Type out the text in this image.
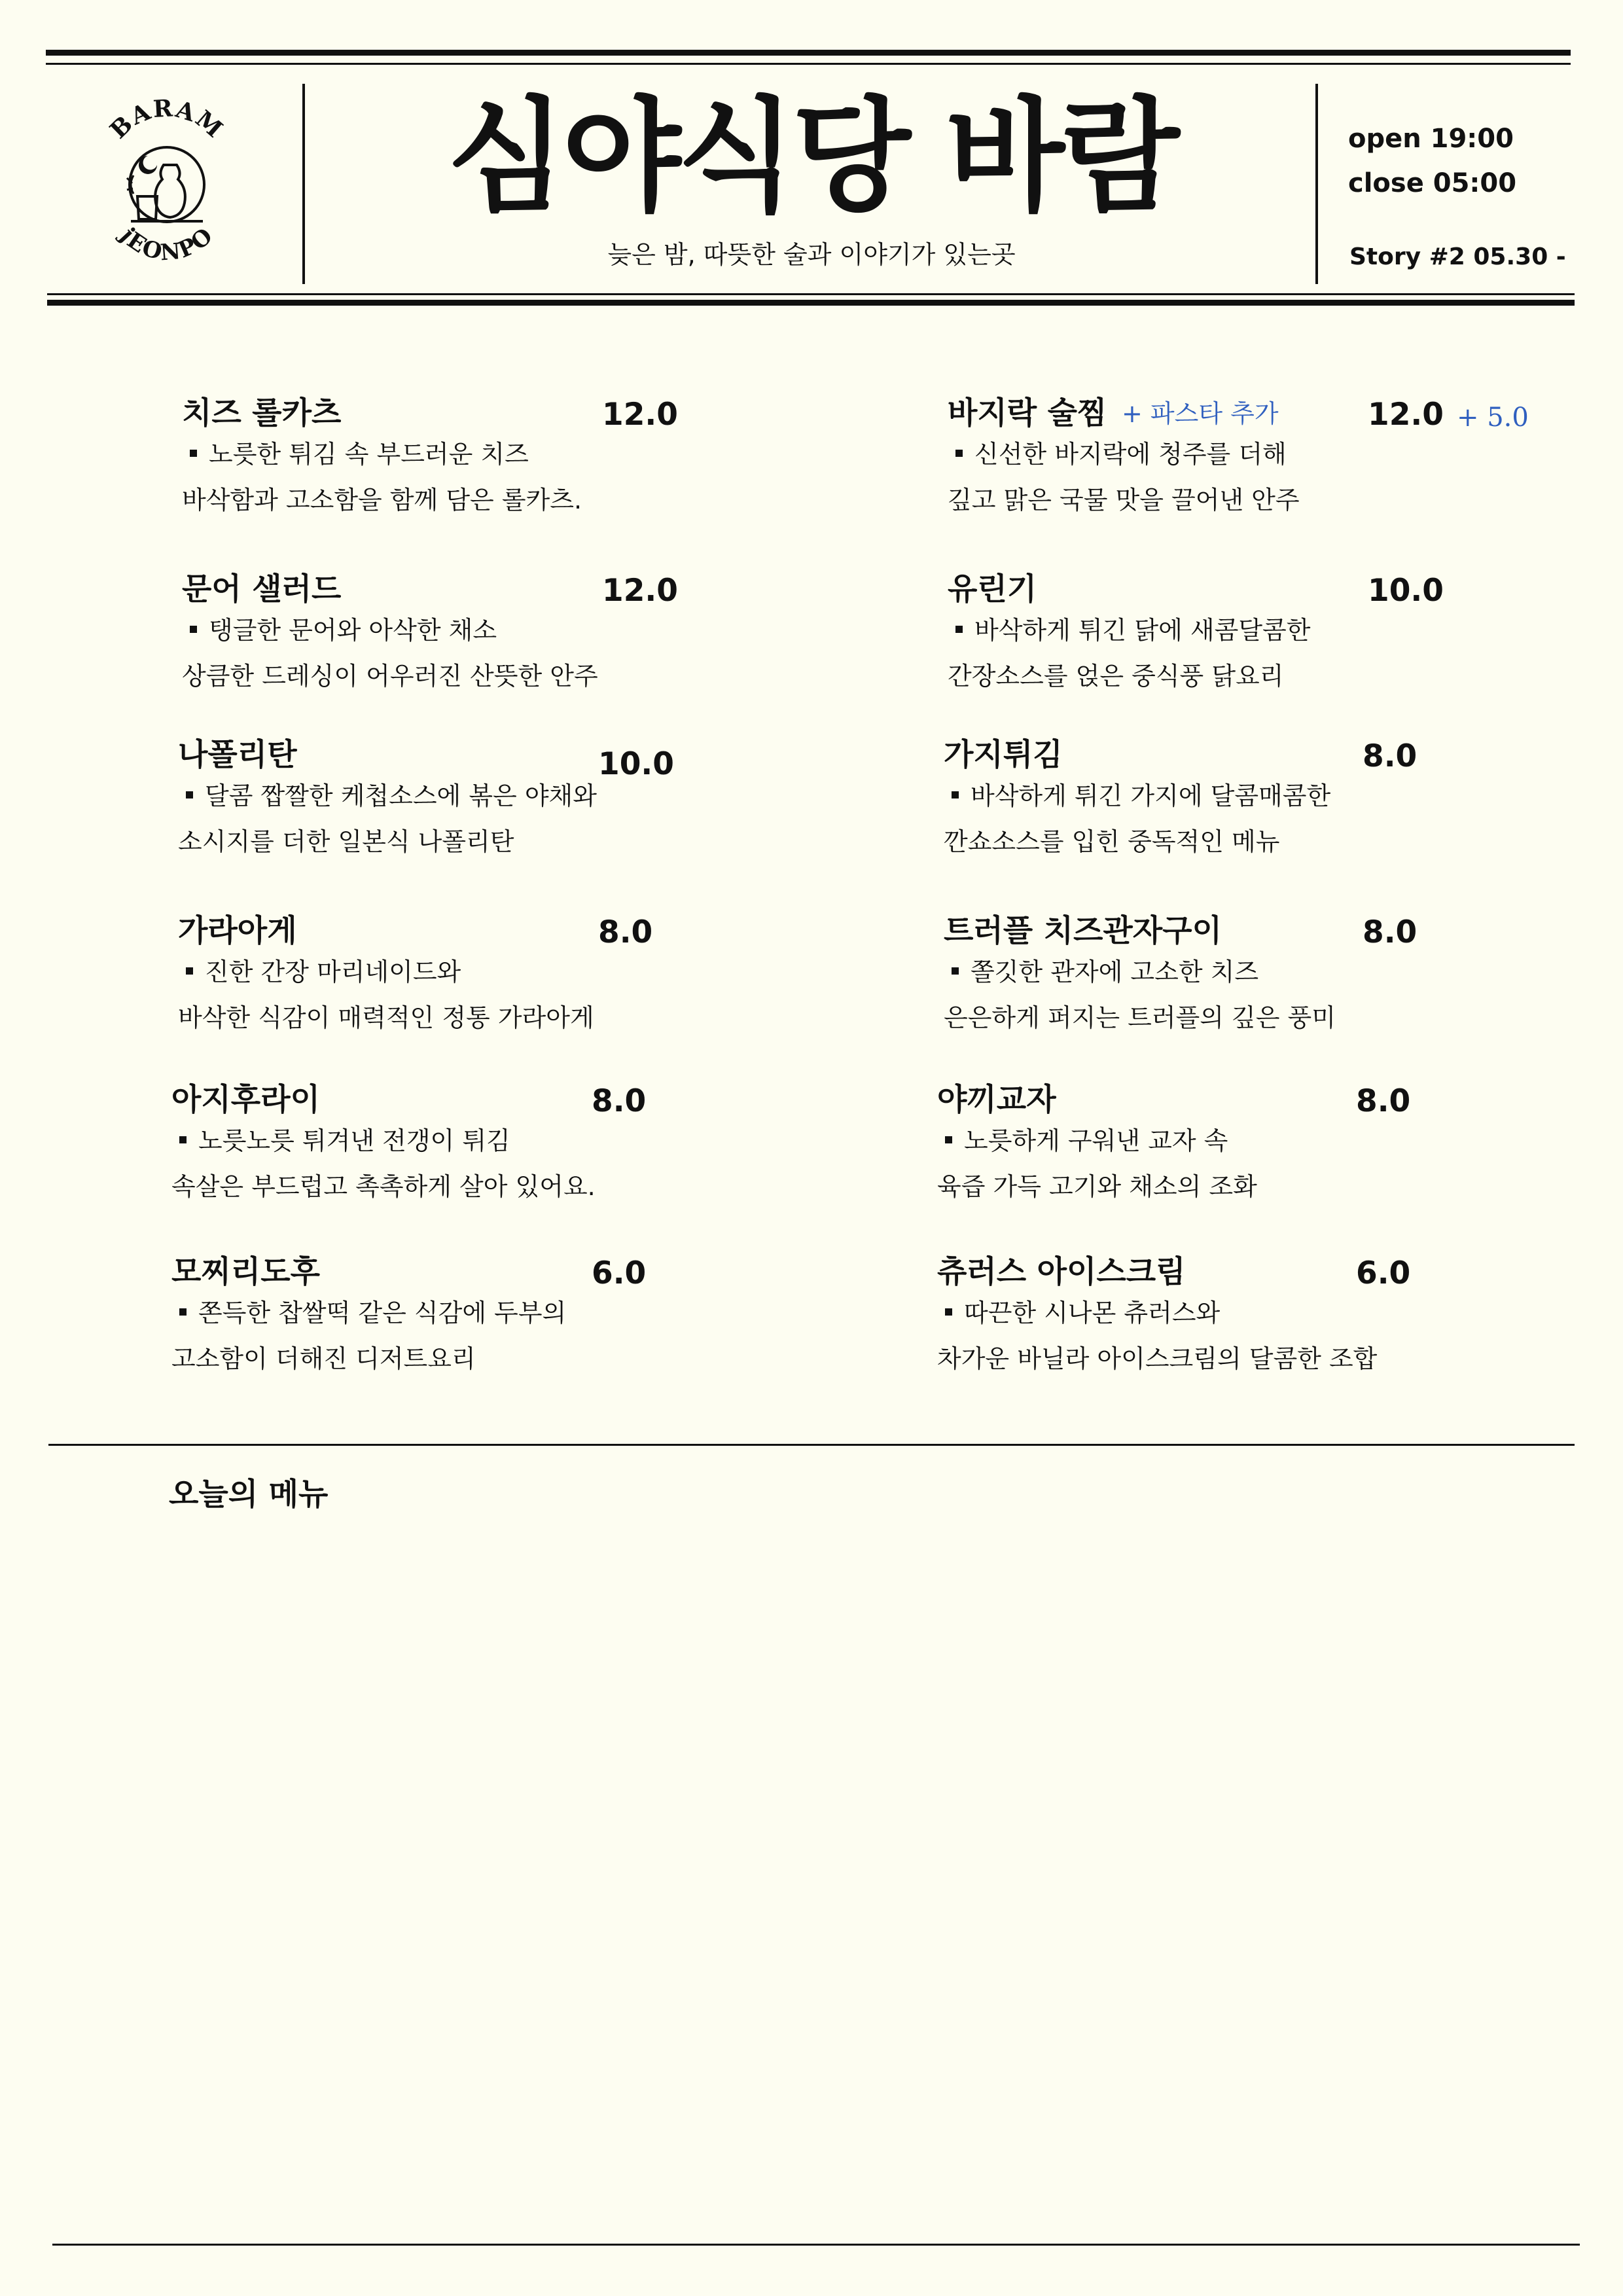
BARAM
jEONPO
심야식당 바람
늦은 밤, 따뜻한 술과 이야기가 있는곳
open 19:00
close 05:00
Story #2 05.30 -
치즈 롤카츠	12.0
노릇한 튀김 속 부드러운 치즈
바삭함과 고소함을 함께 담은 롤카츠.
문어 샐러드	12.0
탱글한 문어와 아삭한 채소
상큼한 드레싱이 어우러진 산뜻한 안주
나폴리탄	10.0
달콤 짭짤한 케첩소스에 볶은 야채와
소시지를 더한 일본식 나폴리탄
가라아게	8.0
진한 간장 마리네이드와
바삭한 식감이 매력적인 정통 가라아게
아지후라이	8.0
노릇노릇 튀겨낸 전갱이 튀김
속살은 부드럽고 촉촉하게 살아 있어요.
모찌리도후	6.0
쫀득한 찹쌀떡 같은 식감에 두부의
고소함이 더해진 디저트요리
바지락 술찜 + 파스타 추가	12.0 + 5.0
신선한 바지락에 청주를 더해
깊고 맑은 국물 맛을 끌어낸 안주
유린기	10.0
바삭하게 튀긴 닭에 새콤달콤한
간장소스를 얹은 중식풍 닭요리
가지튀김	8.0
바삭하게 튀긴 가지에 달콤매콤한
깐쇼소스를 입힌 중독적인 메뉴
트러플 치즈관자구이	8.0
쫄깃한 관자에 고소한 치즈
은은하게 퍼지는 트러플의 깊은 풍미
야끼교자	8.0
노릇하게 구워낸 교자 속
육즙 가득 고기와 채소의 조화
츄러스 아이스크림	6.0
따끈한 시나몬 츄러스와
차가운 바닐라 아이스크림의 달콤한 조합
오늘의 메뉴
